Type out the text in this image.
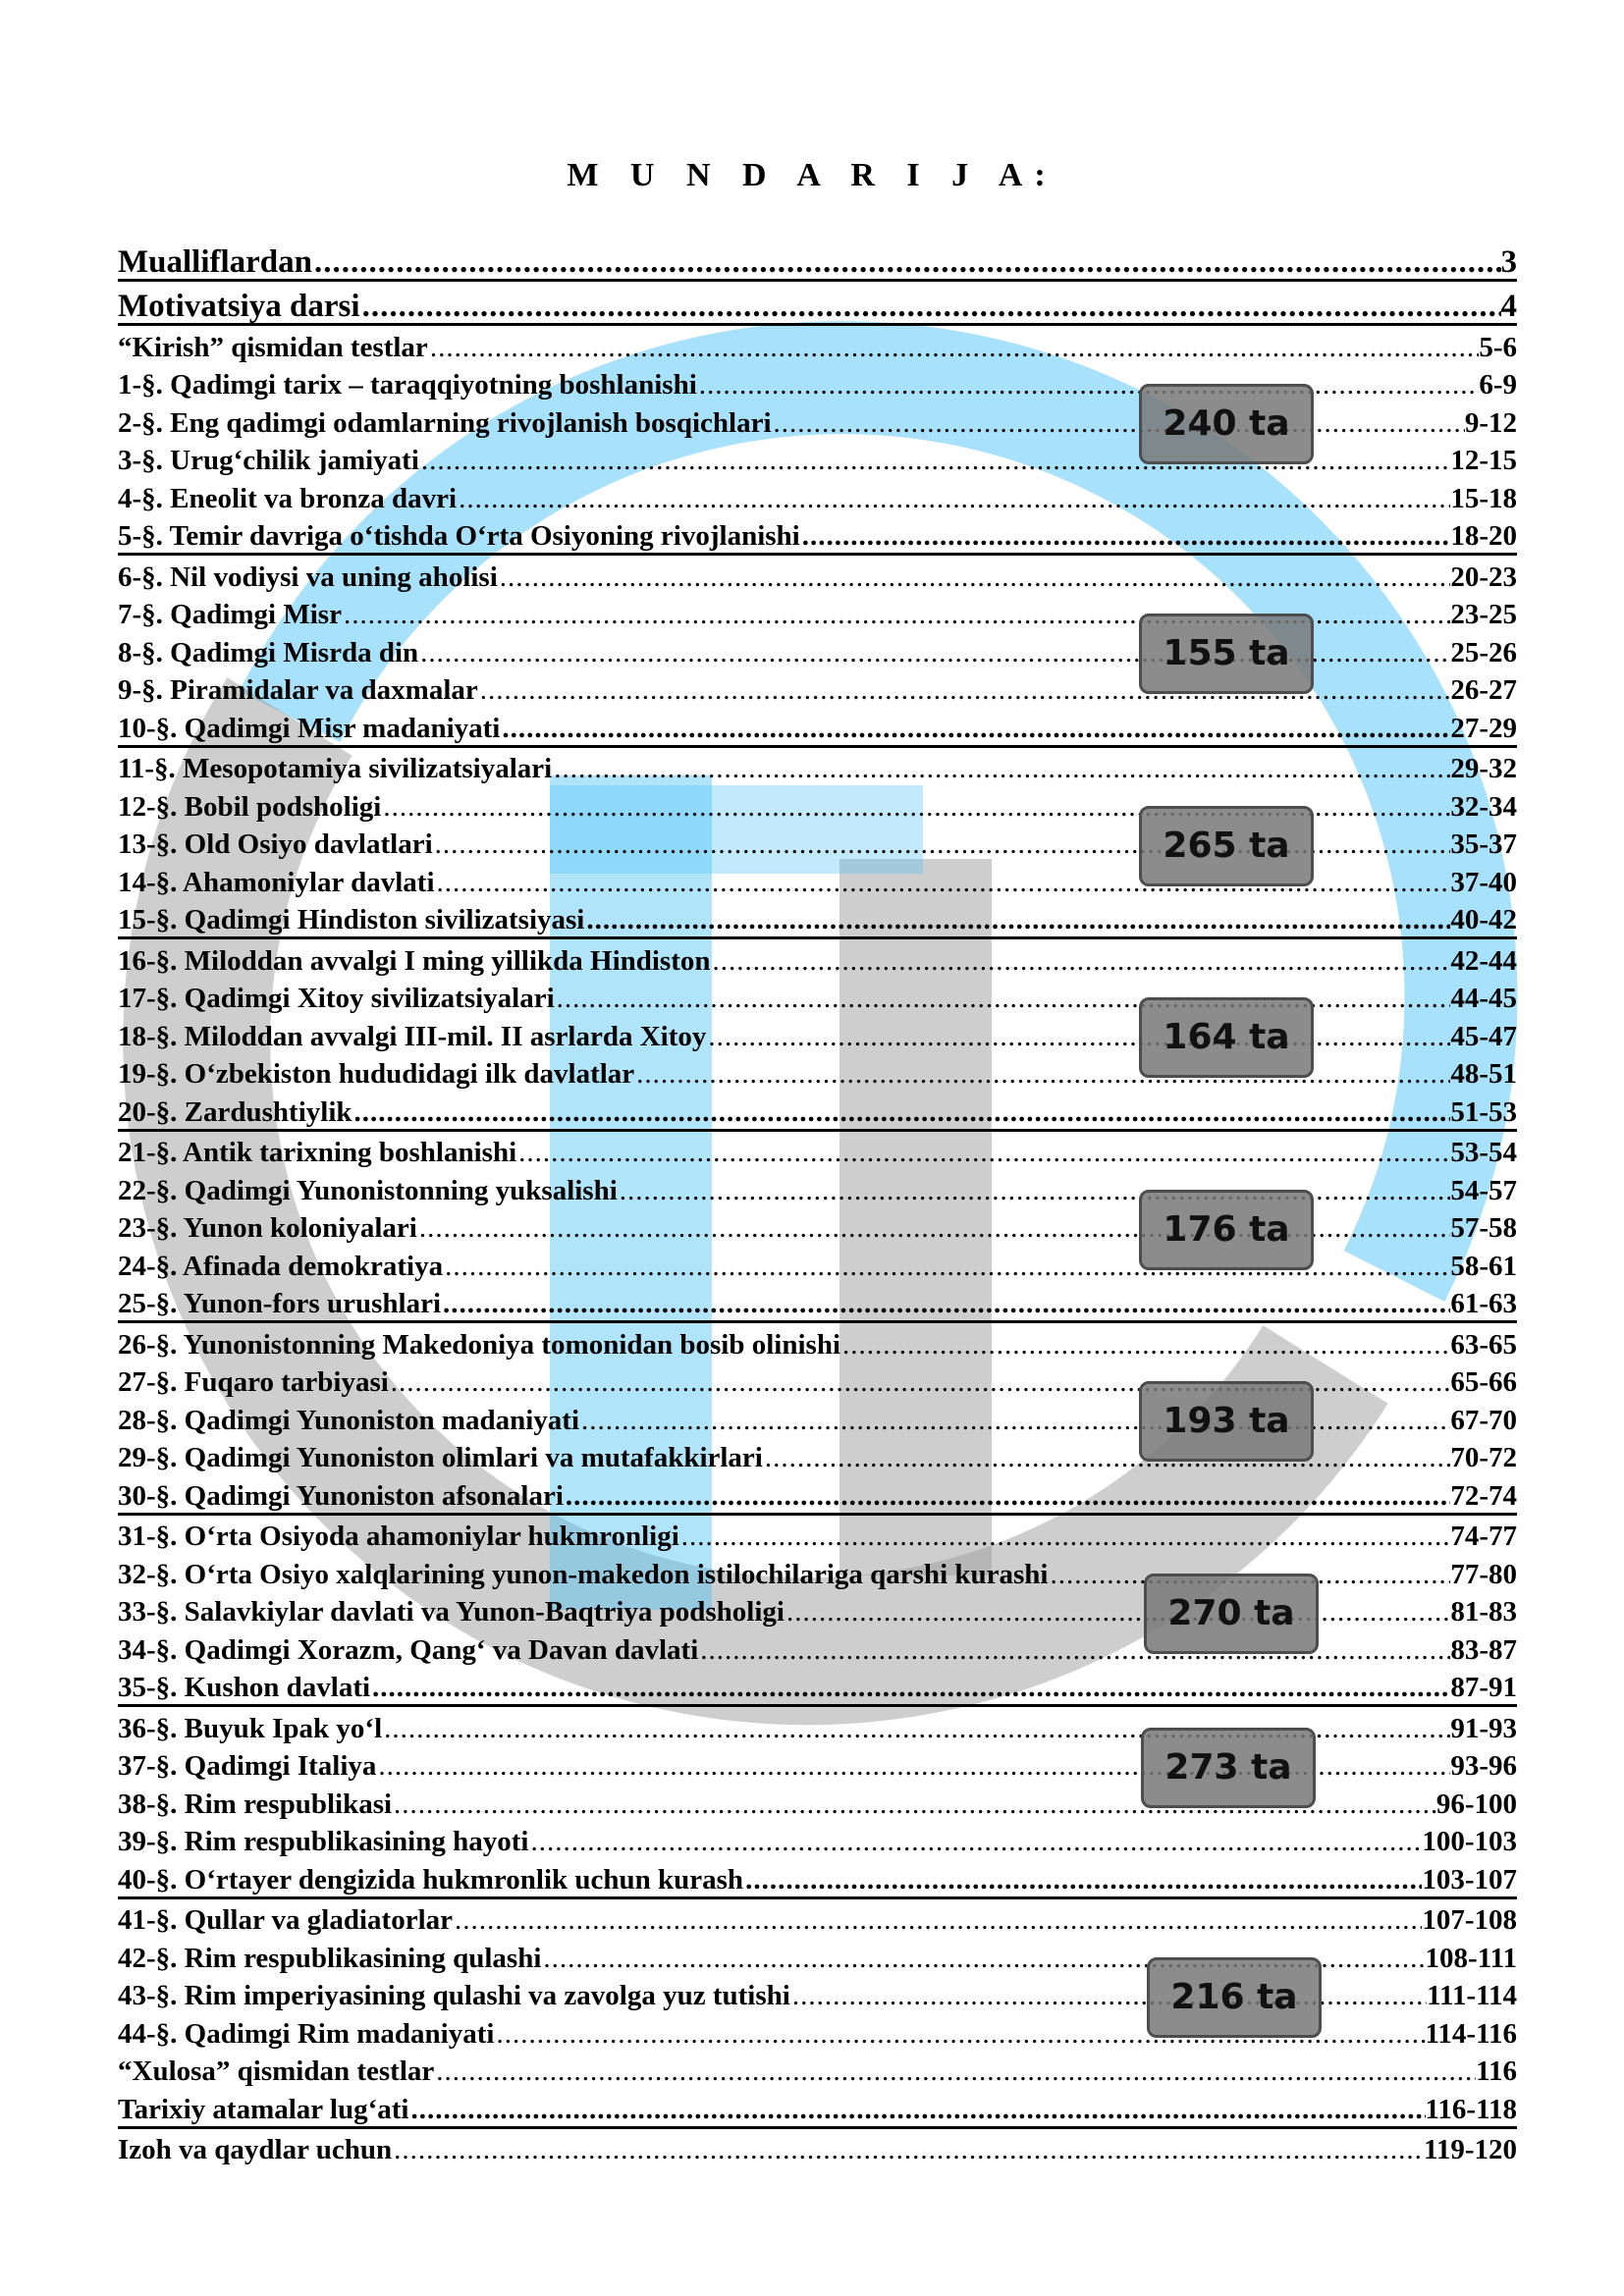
M U N D A R I J A:
Mualliflardan .....	3
Motivatsiya darsi .....	4
“Kirish” qismidan testlar .....	5-6
1-§. Qadimgi tarix – taraqqiyotning boshlanishi .....	6-9
2-§. Eng qadimgi odamlarning rivojlanish bosqichlari .....	9-12
3-§. Urug‘chilik jamiyati .....	12-15
4-§. Eneolit va bronza davri .....	15-18
5-§. Temir davriga o‘tishda O‘rta Osiyoning rivojlanishi .....	18-20
6-§. Nil vodiysi va uning aholisi .....	20-23
7-§. Qadimgi Misr .....	23-25
8-§. Qadimgi Misrda din .....	25-26
9-§. Piramidalar va daxmalar .....	26-27
10-§. Qadimgi Misr madaniyati .....	27-29
11-§. Mesopotamiya sivilizatsiyalari .....	29-32
12-§. Bobil podsholigi .....	32-34
13-§. Old Osiyo davlatlari .....	35-37
14-§. Ahamoniylar davlati .....	37-40
15-§. Qadimgi Hindiston sivilizatsiyasi .....	40-42
16-§. Miloddan avvalgi I ming yillikda Hindiston .....	42-44
17-§. Qadimgi Xitoy sivilizatsiyalari .....	44-45
18-§. Miloddan avvalgi III-mil. II asrlarda Xitoy .....	45-47
19-§. O‘zbekiston hududidagi ilk davlatlar .....	48-51
20-§. Zardushtiylik .....	51-53
21-§. Antik tarixning boshlanishi .....	53-54
22-§. Qadimgi Yunonistonning yuksalishi .....	54-57
23-§. Yunon koloniyalari .....	57-58
24-§. Afinada demokratiya .....	58-61
25-§. Yunon-fors urushlari .....	61-63
26-§. Yunonistonning Makedoniya tomonidan bosib olinishi .....	63-65
27-§. Fuqaro tarbiyasi .....	65-66
28-§. Qadimgi Yunoniston madaniyati .....	67-70
29-§. Qadimgi Yunoniston olimlari va mutafakkirlari .....	70-72
30-§. Qadimgi Yunoniston afsonalari .....	72-74
31-§. O‘rta Osiyoda ahamoniylar hukmronligi .....	74-77
32-§. O‘rta Osiyo xalqlarining yunon-makedon istilochilariga qarshi kurashi .....	77-80
33-§. Salavkiylar davlati va Yunon-Baqtriya podsholigi .....	81-83
34-§. Qadimgi Xorazm, Qang‘ va Davan davlati .....	83-87
35-§. Kushon davlati .....	87-91
36-§. Buyuk Ipak yo‘l .....	91-93
37-§. Qadimgi Italiya .....	93-96
38-§. Rim respublikasi .....	96-100
39-§. Rim respublikasining hayoti .....	100-103
40-§. O‘rtayer dengizida hukmronlik uchun kurash .....	103-107
41-§. Qullar va gladiatorlar .....	107-108
42-§. Rim respublikasining qulashi .....	108-111
43-§. Rim imperiyasining qulashi va zavolga yuz tutishi .....	111-114
44-§. Qadimgi Rim madaniyati .....	114-116
“Xulosa” qismidan testlar .....	116
Tarixiy atamalar lug‘ati .....	116-118
Izoh va qaydlar uchun .....	119-120
240 ta
155 ta
265 ta
164 ta
176 ta
193 ta
270 ta
273 ta
216 ta
